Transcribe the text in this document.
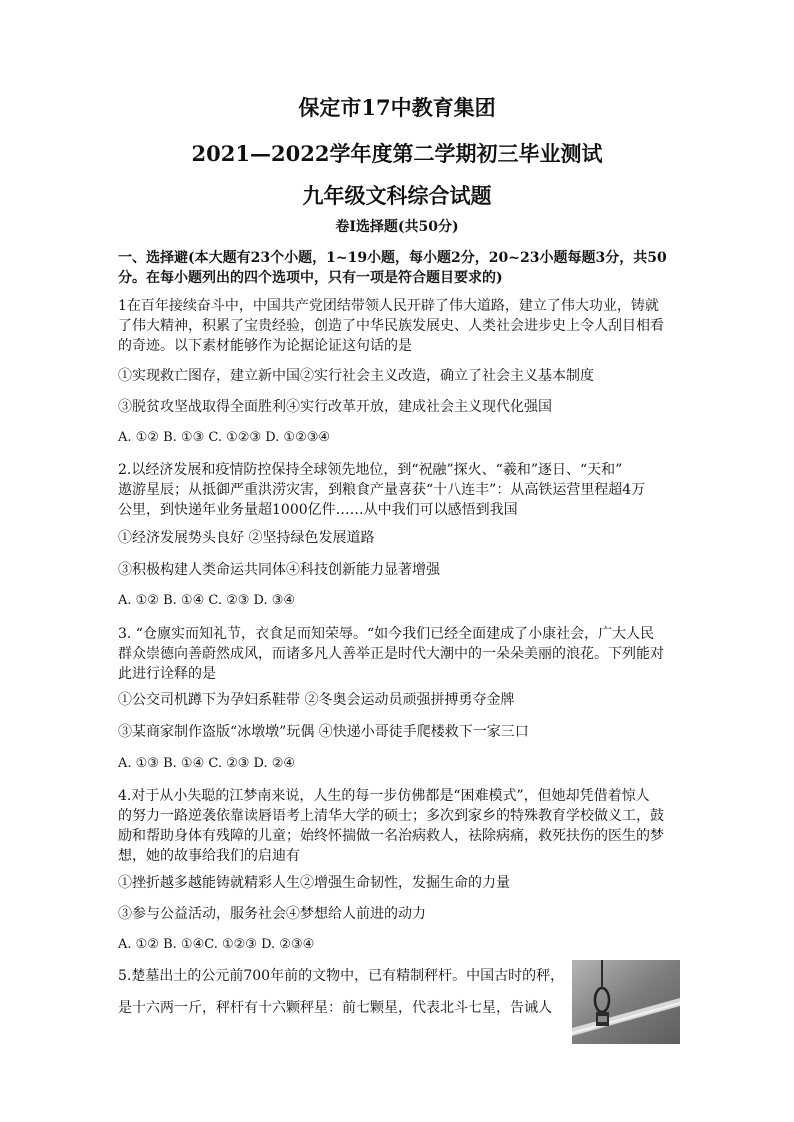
保定市17中教育集团
2021—2022学年度第二学期初三毕业测试
九年级文科综合试题
卷I选择题(共50分)
一、选择避(本大题有23个小题，1~19小题，每小题2分，20~23小题每题3分，共50
分。在每小题列出的四个选项中，只有一项是符合题目要求的)
1在百年接续奋斗中，中国共产党团结带领人民开辟了伟大道路，建立了伟大功业，铸就
了伟大精神，积累了宝贵经验，创造了中华民族发展史、人类社会进步史上令人刮目相看
的奇迹。以下素材能够作为论据论证这句话的是
①实现救亡图存，建立新中国②实行社会主义改造，确立了社会主义基本制度
③脱贫攻坚战取得全面胜利④实行改革开放，建成社会主义现代化强国
A. ①② B. ①③ C. ①②③ D. ①②③④
2.以经济发展和疫情防控保持全球领先地位，到“祝融”探火、“羲和”逐日、“天和”
遨游星辰；从抵御严重洪涝灾害，到粮食产量喜获“十八连丰”：从高铁运营里程超4万
公里，到快递年业务量超1000亿件……从中我们可以感悟到我国
①经济发展势头良好 ②坚持绿色发展道路
③积极构建人类命运共同体④科技创新能力显著增强
A. ①② B. ①④ C. ②③ D. ③④
3. “仓廪实而知礼节，衣食足而知荣辱。“如今我们已经全面建成了小康社会，广大人民
群众崇德向善蔚然成风，而诸多凡人善举正是时代大潮中的一朵朵美丽的浪花。下列能对
此进行诠释的是
①公交司机蹲下为孕妇系鞋带 ②冬奥会运动员顽强拼搏勇夺金牌
③某商家制作盗版“冰墩墩”玩偶 ④快递小哥徒手爬楼救下一家三口
A. ①③ B. ①④ C. ②③ D. ②④
4.对于从小失聪的江梦南来说，人生的每一步仿佛都是“困难模式”，但她却凭借着惊人
的努力一路逆袭依靠读唇语考上清华大学的硕士；多次到家乡的特殊教育学校做义工，鼓
励和帮助身体有残障的儿童；始终怀揣做一名治病救人，祛除病痛，救死扶伤的医生的梦
想，她的故事给我们的启迪有
①挫折越多越能铸就精彩人生②增强生命韧性，发掘生命的力量
③参与公益活动，服务社会④梦想给人前进的动力
A. ①② B. ①④C. ①②③ D. ②③④
5.楚墓出土的公元前700年前的文物中，已有精制秤杆。中国古时的秤，
是十六两一斤，秤杆有十六颗秤星：前七颗星，代表北斗七星，告诫人
